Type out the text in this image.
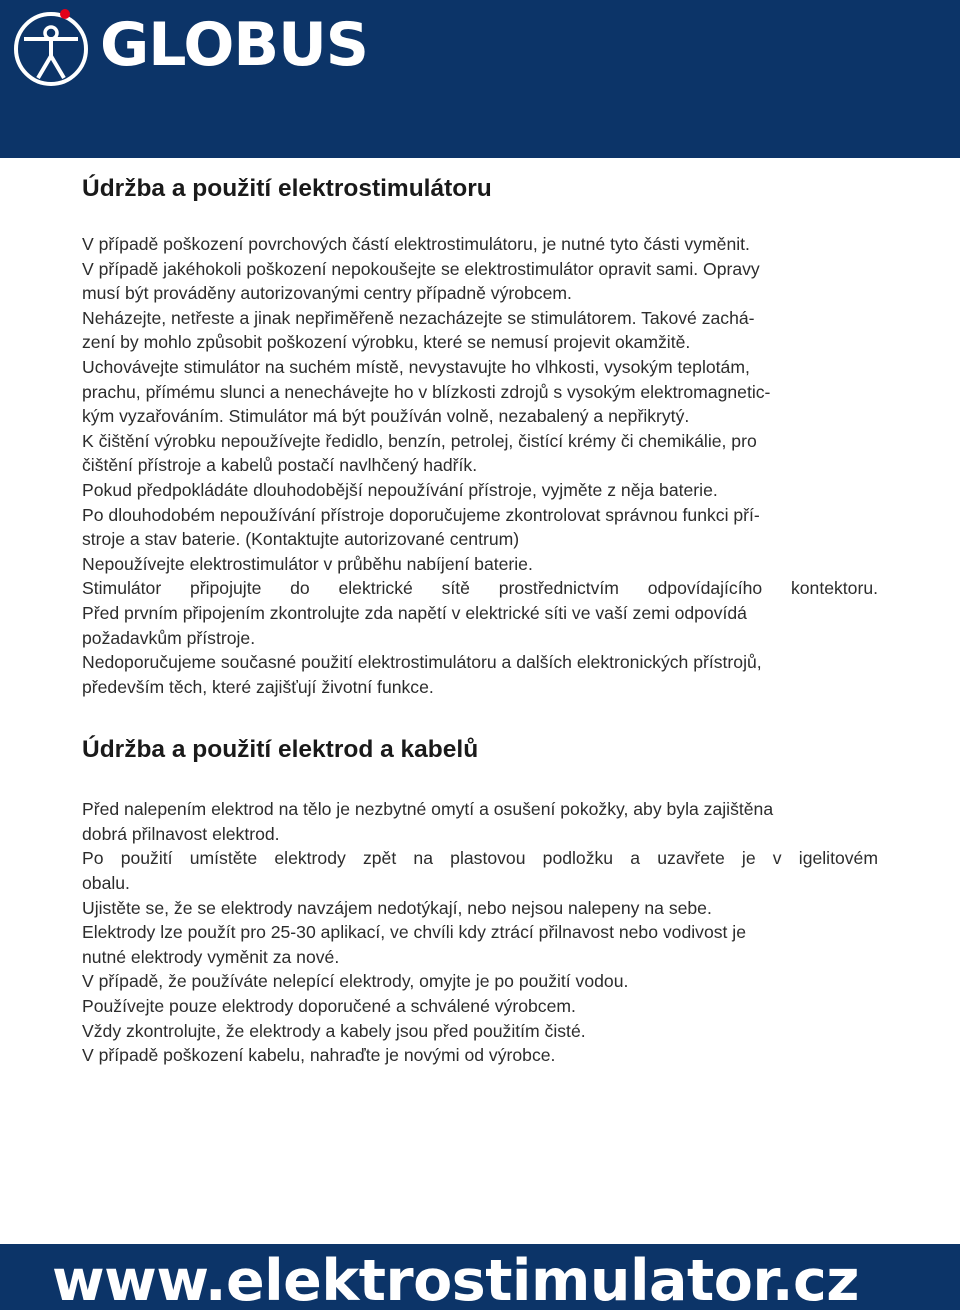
GLOBUS
Údržba a použití elektrostimulátoru

V případě poškození povrchových částí elektrostimulátoru, je nutné tyto části vyměnit.

V případě jakéhokoli poškození nepokoušejte se elektrostimulátor opravit sami. Opravy

musí být prováděny autorizovanými centry případně výrobcem.

Neházejte, netřeste a jinak nepřiměřeně nezacházejte se stimulátorem. Takové zachá-

zení by mohlo způsobit poškození výrobku, které se nemusí projevit okamžitě.

Uchovávejte stimulátor na suchém místě, nevystavujte ho vlhkosti, vysokým teplotám,

prachu, přímému slunci a nenechávejte ho v blízkosti zdrojů s vysokým elektromagnetic-

kým vyzařováním. Stimulátor má být používán volně, nezabalený a nepřikrytý.

K čištění výrobku nepoužívejte ředidlo, benzín, petrolej, čistící krémy či chemikálie, pro

čištění přístroje a kabelů postačí navlhčený hadřík.

Pokud předpokládáte dlouhodobější nepoužívání přístroje, vyjměte z něja baterie.

Po dlouhodobém nepoužívání přístroje doporučujeme zkontrolovat správnou funkci pří-

stroje a stav baterie. (Kontaktujte autorizované centrum)

Nepoužívejte elektrostimulátor v průběhu nabíjení baterie.

Stimulátor připojujte do elektrické sítě prostřednictvím odpovídajícího kontektoru.

Před prvním připojením zkontrolujte zda napětí v elektrické síti ve vaší zemi odpovídá

požadavkům přístroje.

Nedoporučujeme současné použití elektrostimulátoru a dalších elektronických přístrojů,

především těch, které zajišťují životní funkce.

Údržba a použití elektrod a kabelů

Před nalepením elektrod na tělo je nezbytné omytí a osušení pokožky, aby byla zajištěna

dobrá přilnavost elektrod.

Po použití umístěte elektrody zpět na plastovou podložku a uzavřete je v igelitovém

obalu.

Ujistěte se, že se elektrody navzájem nedotýkají, nebo nejsou nalepeny na sebe.

Elektrody lze použít pro 25-30 aplikací, ve chvíli kdy ztrácí přilnavost nebo vodivost je

nutné elektrody vyměnit za nové.

V případě, že používáte nelepící elektrody, omyjte je po použití vodou.

Používejte pouze elektrody doporučené a schválené výrobcem.

Vždy zkontrolujte, že elektrody a kabely jsou před použitím čisté.

V případě poškození kabelu, nahraďte je novými od výrobce.

www.elektrostimulator.cz
